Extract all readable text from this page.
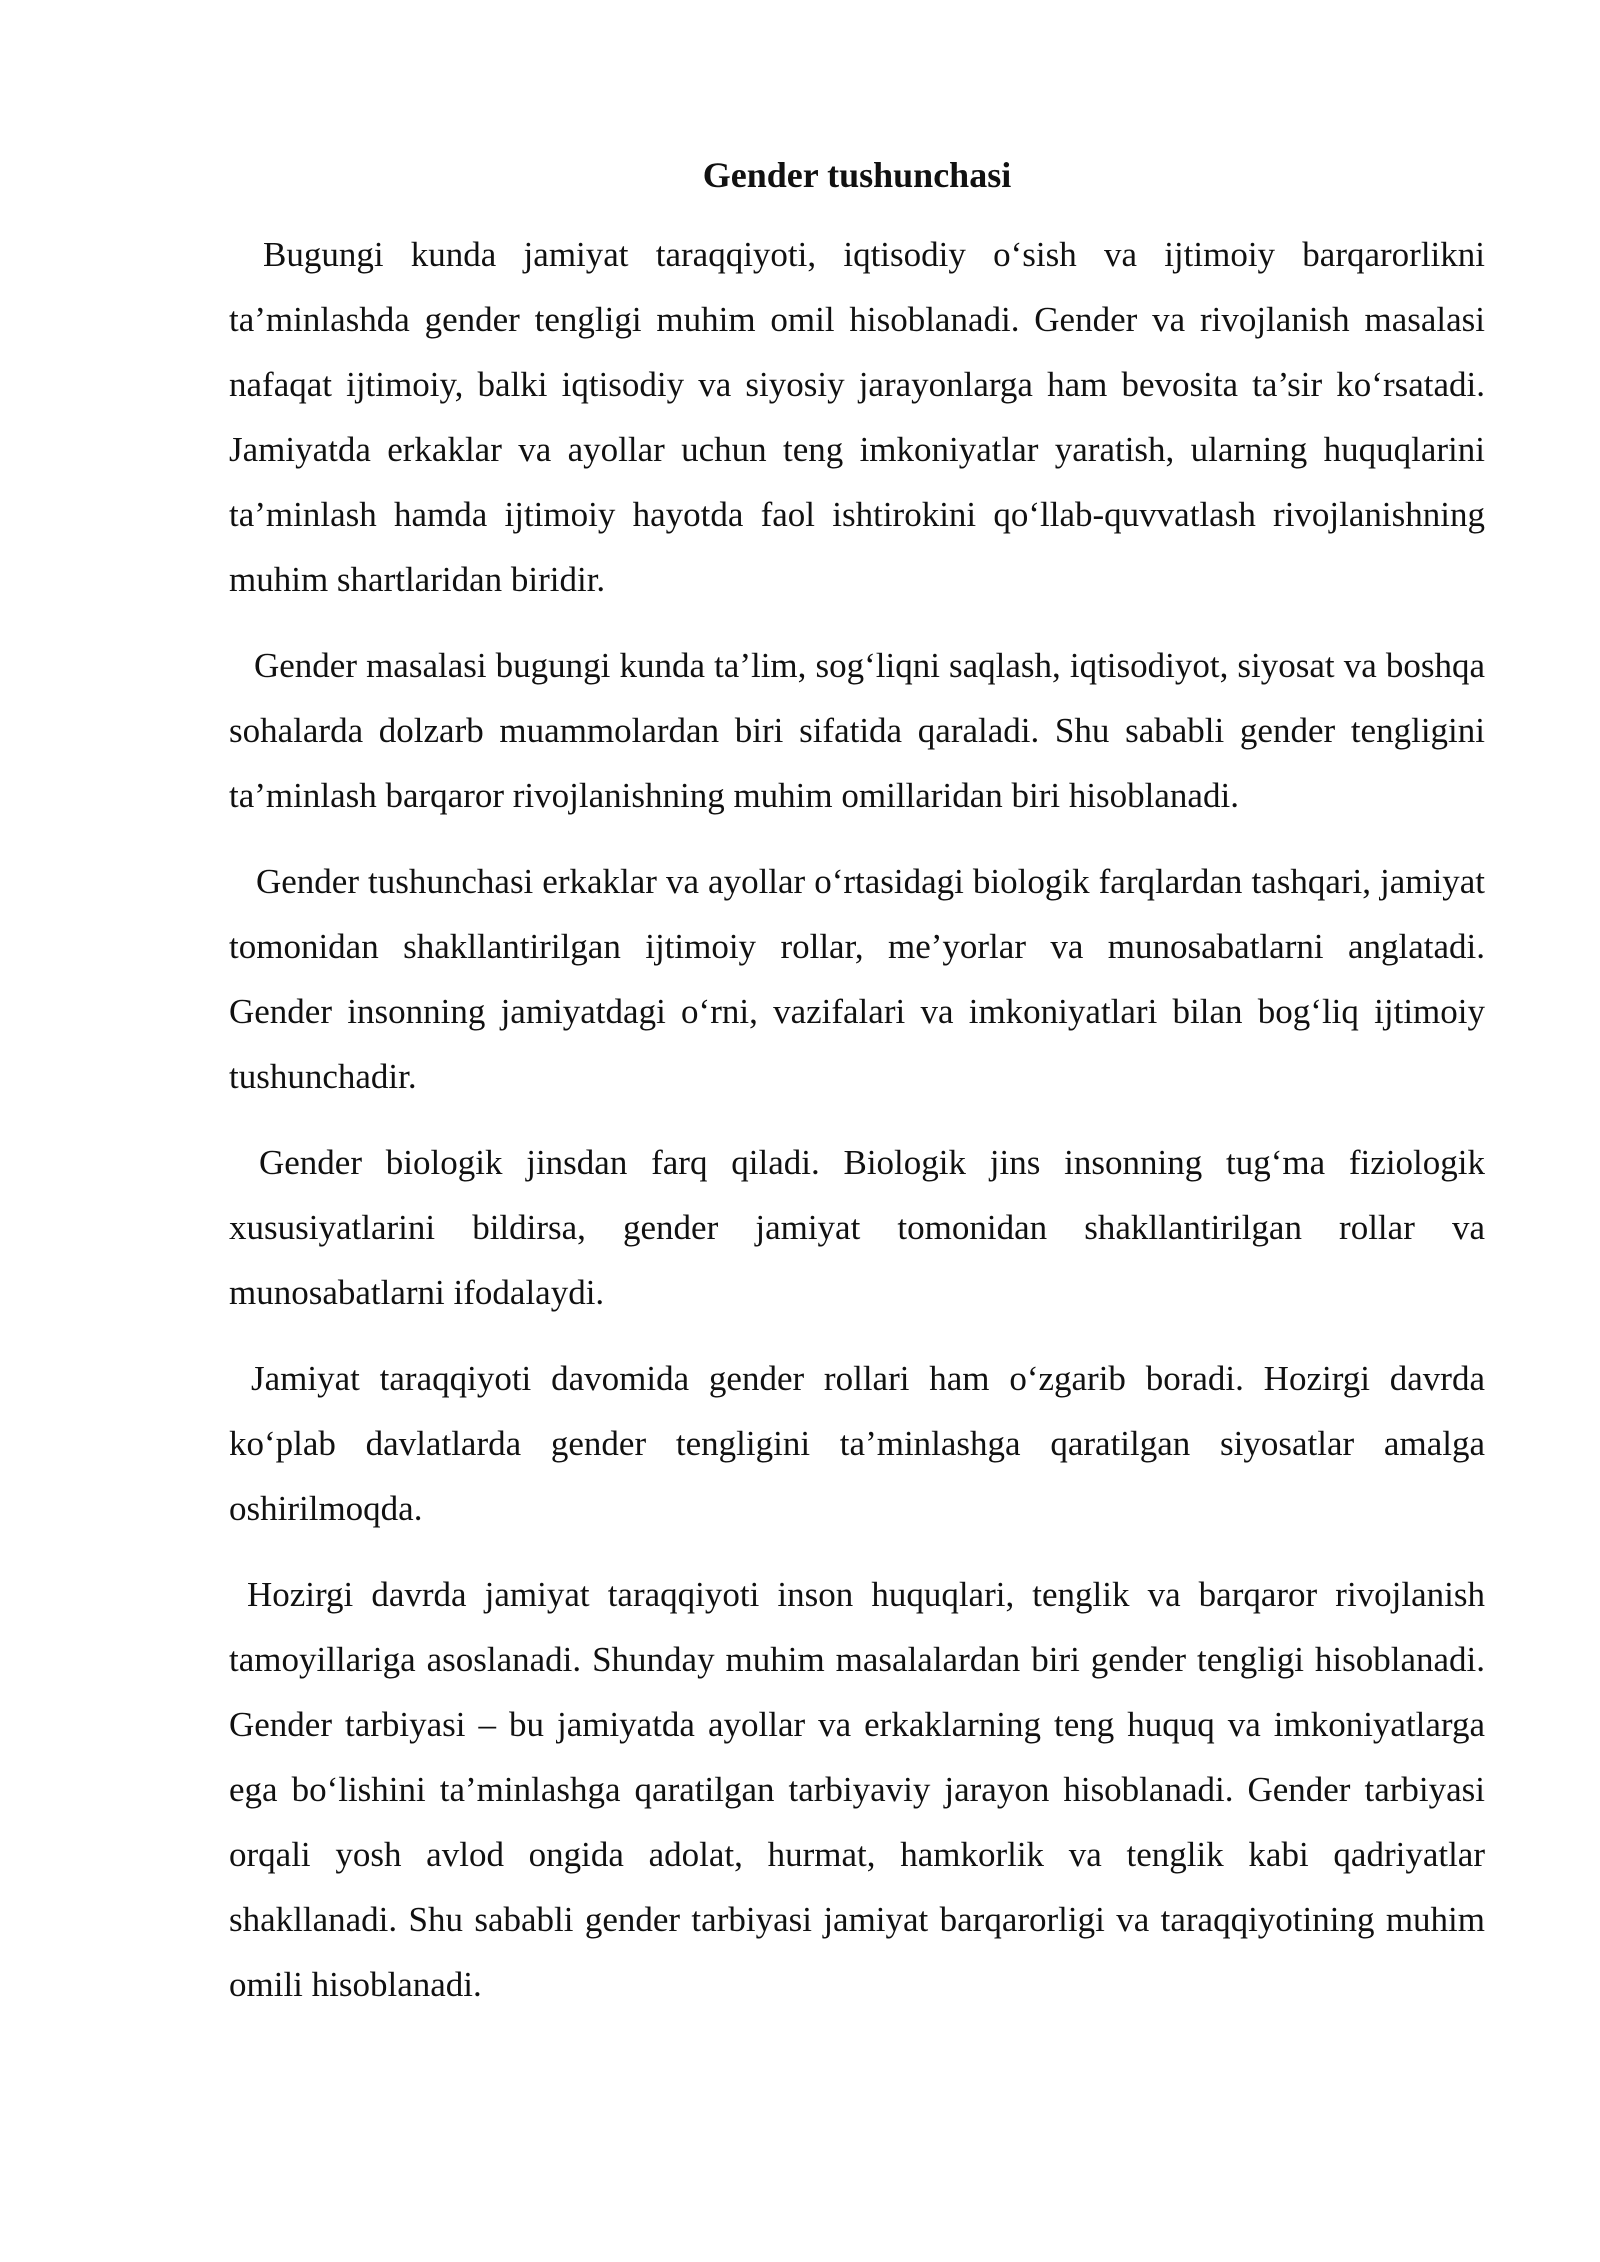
Gender tushunchasi

Bugungi kunda jamiyat taraqqiyoti, iqtisodiy o‘sish va ijtimoiy barqarorlikni ta’minlashda gender tengligi muhim omil hisoblanadi. Gender va rivojlanish masalasi nafaqat ijtimoiy, balki iqtisodiy va siyosiy jarayonlarga ham bevosita ta’sir ko‘rsatadi. Jamiyatda erkaklar va ayollar uchun teng imkoniyatlar yaratish, ularning huquqlarini ta’minlash hamda ijtimoiy hayotda faol ishtirokini qo‘llab-quvvatlash rivojlanishning muhim shartlaridan biridir.

Gender masalasi bugungi kunda ta’lim, sog‘liqni saqlash, iqtisodiyot, siyosat va boshqa sohalarda dolzarb muammolardan biri sifatida qaraladi. Shu sababli gender tengligini ta’minlash barqaror rivojlanishning muhim omillaridan biri hisoblanadi.

Gender tushunchasi erkaklar va ayollar o‘rtasidagi biologik farqlardan tashqari, jamiyat tomonidan shakllantirilgan ijtimoiy rollar, me’yorlar va munosabatlarni anglatadi. Gender insonning jamiyatdagi o‘rni, vazifalari va imkoniyatlari bilan bog‘liq ijtimoiy tushunchadir.

Gender biologik jinsdan farq qiladi. Biologik jins insonning tug‘ma fiziologik xususiyatlarini bildirsa, gender jamiyat tomonidan shakllantirilgan rollar va munosabatlarni ifodalaydi.

Jamiyat taraqqiyoti davomida gender rollari ham o‘zgarib boradi. Hozirgi davrda ko‘plab davlatlarda gender tengligini ta’minlashga qaratilgan siyosatlar amalga oshirilmoqda.

Hozirgi davrda jamiyat taraqqiyoti inson huquqlari, tenglik va barqaror rivojlanish tamoyillariga asoslanadi. Shunday muhim masalalardan biri gender tengligi hisoblanadi. Gender tarbiyasi – bu jamiyatda ayollar va erkaklarning teng huquq va imkoniyatlarga ega bo‘lishini ta’minlashga qaratilgan tarbiyaviy jarayon hisoblanadi. Gender tarbiyasi orqali yosh avlod ongida adolat, hurmat, hamkorlik va tenglik kabi qadriyatlar shakllanadi. Shu sababli gender tarbiyasi jamiyat barqarorligi va taraqqiyotining muhim omili hisoblanadi.
